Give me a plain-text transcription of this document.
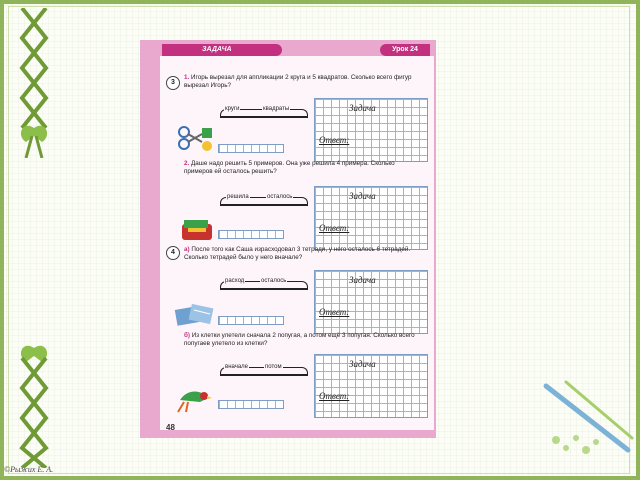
©Рыжих Е. А.
ЗАДАЧА	Урок 24
3
1. Игорь вырезал для аппликации 2 круга и 5 квадратов. Сколько всего фигур вырезал Игорь?
круги	квадраты	Задача
Ответ:
2. Даше надо решить 5 примеров. Она уже решила 4 примера. Сколько примеров ей осталось решить?
решила	осталось	Задача
Ответ:
4	а) После того как Саша израсходовал 3 тетради, у него осталось 6 тетрадей. Сколько тетрадей было у него вначале?
расход	осталось	Задача
Ответ:
б) Из клетки улетели сначала 2 попугая, а потом ещё 3 попугая. Сколько всего попугаев улетело из клетки?
вначале	потом	Задача
Ответ:
48
